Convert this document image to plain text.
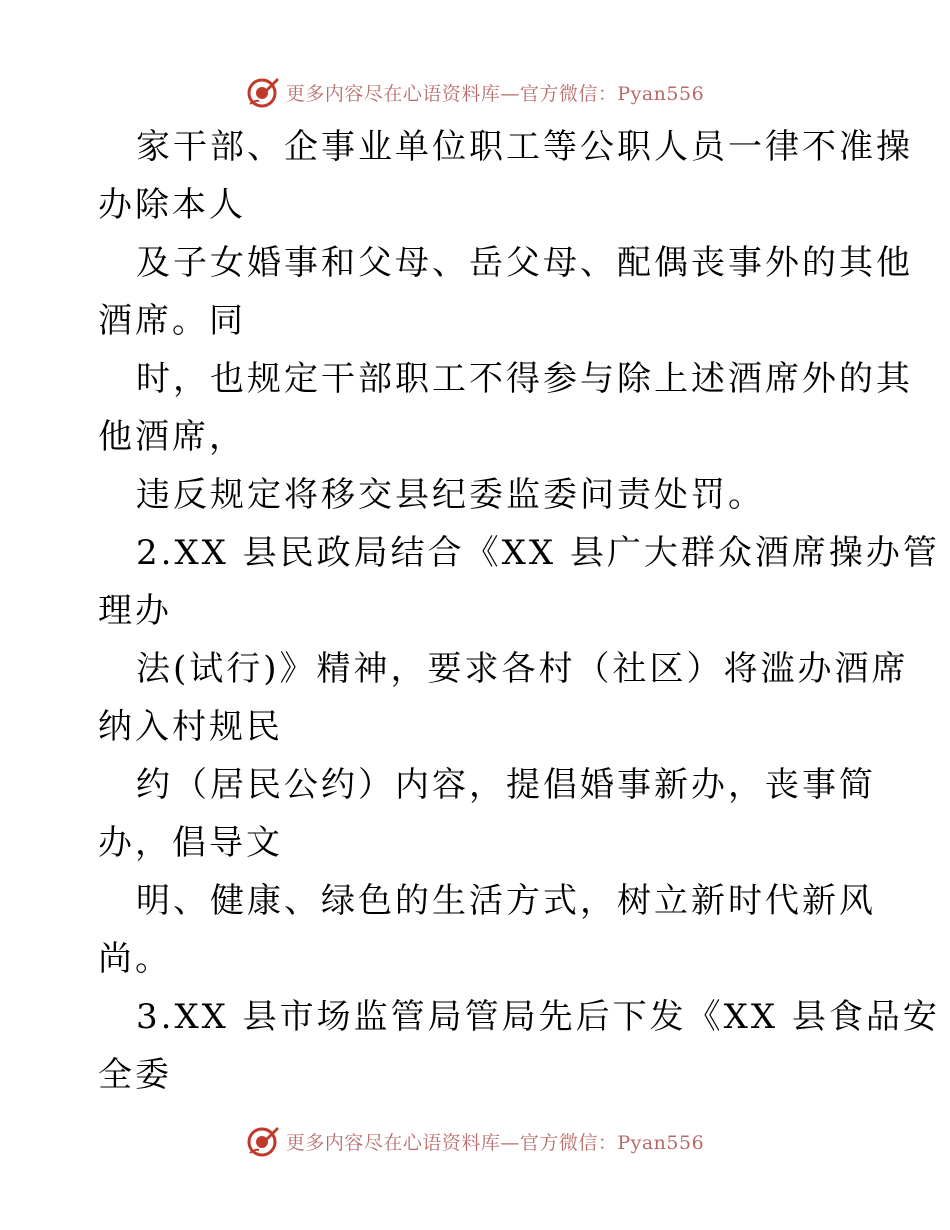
更多内容尽在心语资料库—官方微信：Pyan556
家干部、企事业单位职工等公职人员一律不准操
办除本人
及子女婚事和父母、岳父母、配偶丧事外的其他
酒席。同
时，也规定干部职工不得参与除上述酒席外的其
他酒席，
违反规定将移交县纪委监委问责处罚。
2.XX 县民政局结合《XX 县广大群众酒席操办管
理办
法(试行)》精神，要求各村（社区）将滥办酒席
纳入村规民
约（居民公约）内容，提倡婚事新办，丧事简
办，倡导文
明、健康、绿色的生活方式，树立新时代新风
尚。
3.XX 县市场监管局管局先后下发《XX 县食品安
全委
更多内容尽在心语资料库—官方微信：Pyan556
